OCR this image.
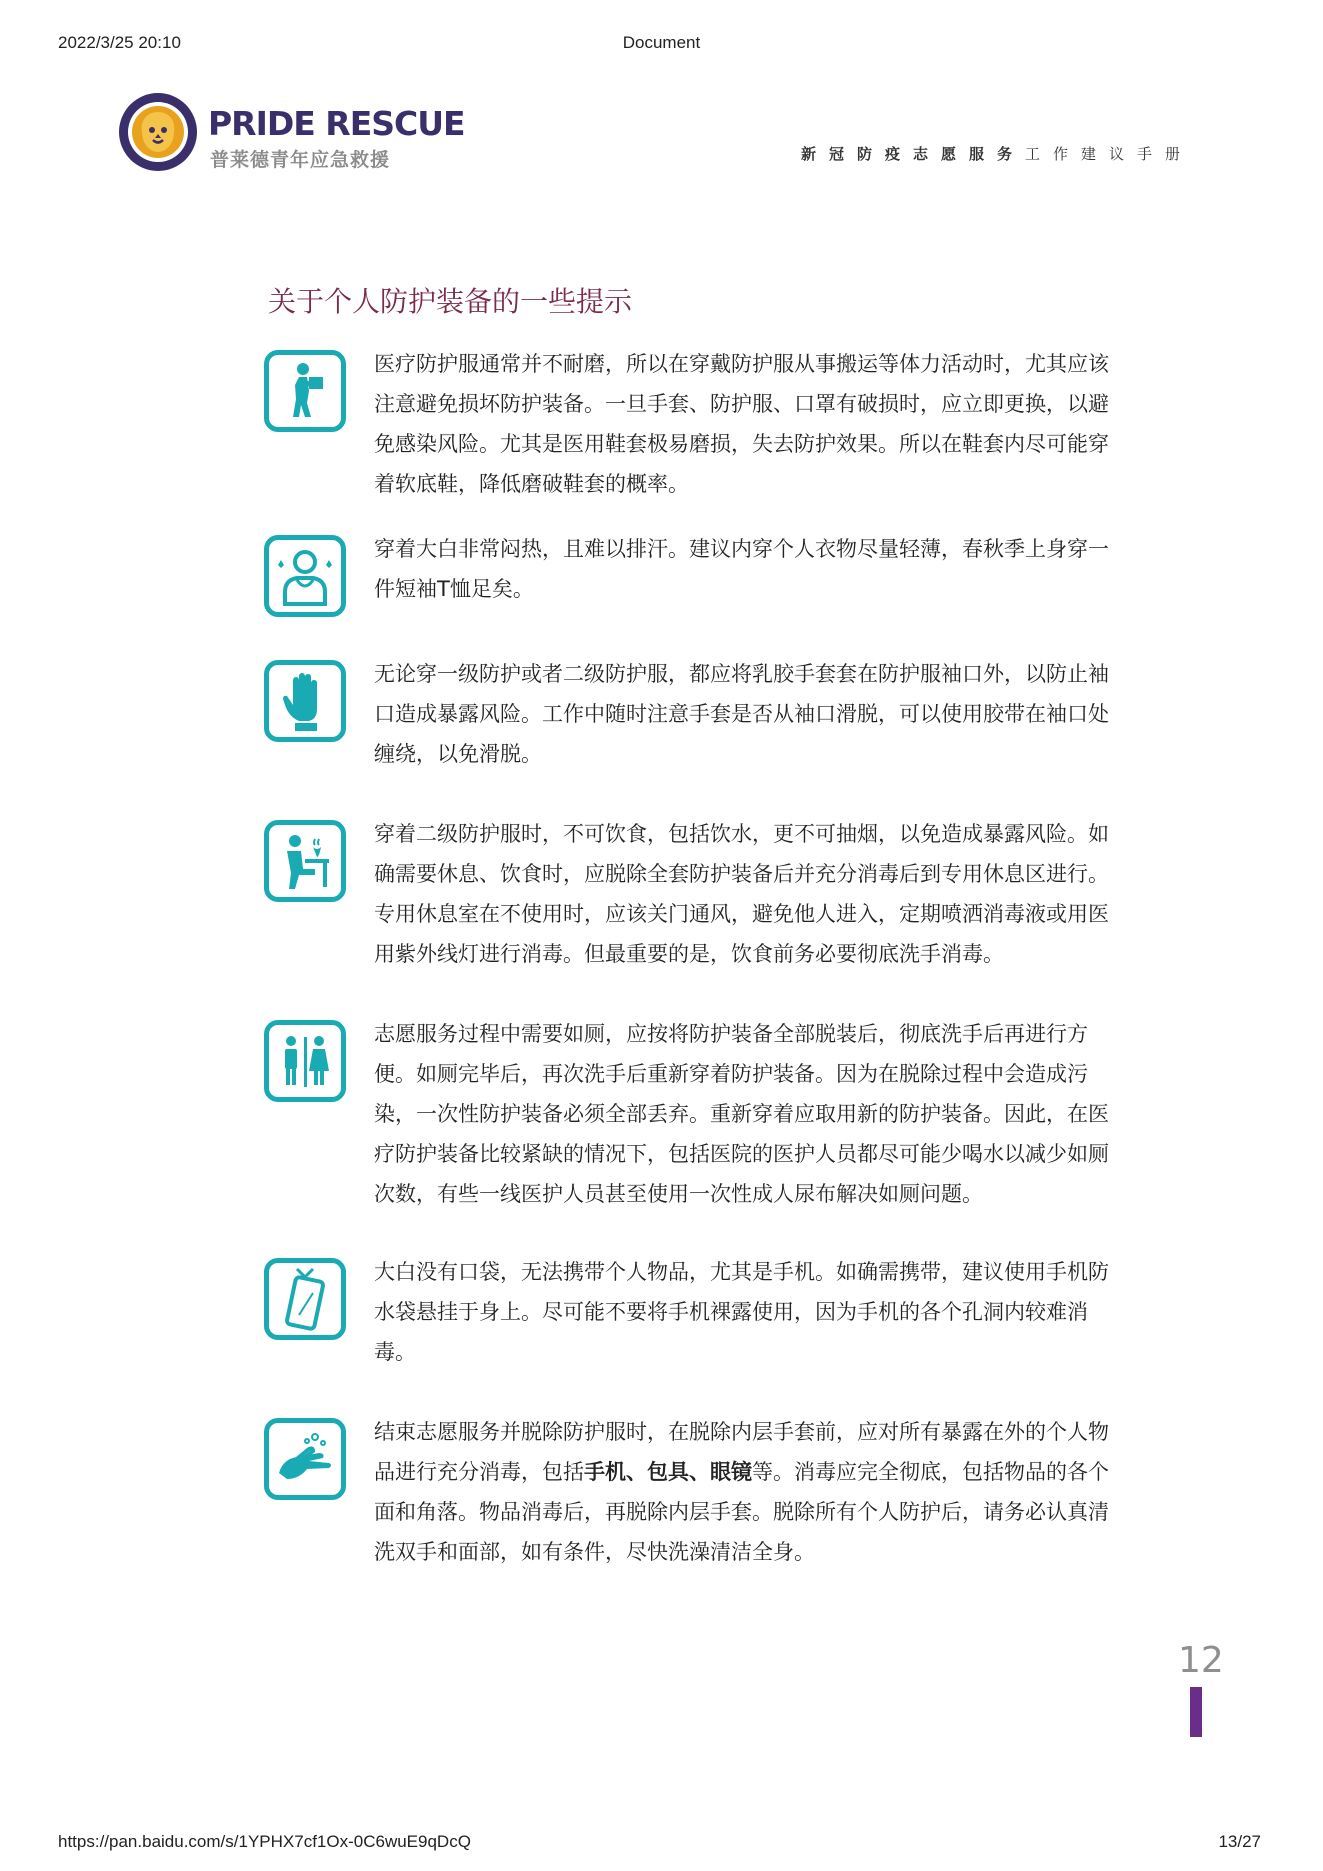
2022/3/25 20:10	Document
PRIDE RESCUE
普莱德青年应急救援	新冠防疫志愿服务工作建议手册
关于个人防护装备的一些提示
医疗防护服通常并不耐磨，所以在穿戴防护服从事搬运等体力活动时，尤其应该注意避免损坏防护装备。一旦手套、防护服、口罩有破损时，应立即更换，以避免感染风险。尤其是医用鞋套极易磨损，失去防护效果。所以在鞋套内尽可能穿着软底鞋，降低磨破鞋套的概率。
穿着大白非常闷热，且难以排汗。建议内穿个人衣物尽量轻薄，春秋季上身穿一件短袖T恤足矣。
无论穿一级防护或者二级防护服，都应将乳胶手套套在防护服袖口外，以防止袖口造成暴露风险。工作中随时注意手套是否从袖口滑脱，可以使用胶带在袖口处缠绕，以免滑脱。
穿着二级防护服时，不可饮食，包括饮水，更不可抽烟，以免造成暴露风险。如确需要休息、饮食时，应脱除全套防护装备后并充分消毒后到专用休息区进行。专用休息室在不使用时，应该关门通风，避免他人进入，定期喷洒消毒液或用医用紫外线灯进行消毒。但最重要的是，饮食前务必要彻底洗手消毒。
志愿服务过程中需要如厕，应按将防护装备全部脱装后，彻底洗手后再进行方便。如厕完毕后，再次洗手后重新穿着防护装备。因为在脱除过程中会造成污染，一次性防护装备必须全部丢弃。重新穿着应取用新的防护装备。因此，在医疗防护装备比较紧缺的情况下，包括医院的医护人员都尽可能少喝水以减少如厕次数，有些一线医护人员甚至使用一次性成人尿布解决如厕问题。
大白没有口袋，无法携带个人物品，尤其是手机。如确需携带，建议使用手机防水袋悬挂于身上。尽可能不要将手机裸露使用，因为手机的各个孔洞内较难消毒。
结束志愿服务并脱除防护服时，在脱除内层手套前，应对所有暴露在外的个人物品进行充分消毒，包括手机、包具、眼镜等。消毒应完全彻底，包括物品的各个面和角落。物品消毒后，再脱除内层手套。脱除所有个人防护后，请务必认真清洗双手和面部，如有条件，尽快洗澡清洁全身。
12
https://pan.baidu.com/s/1YPHX7cf1Ox-0C6wuE9qDcQ	13/27
